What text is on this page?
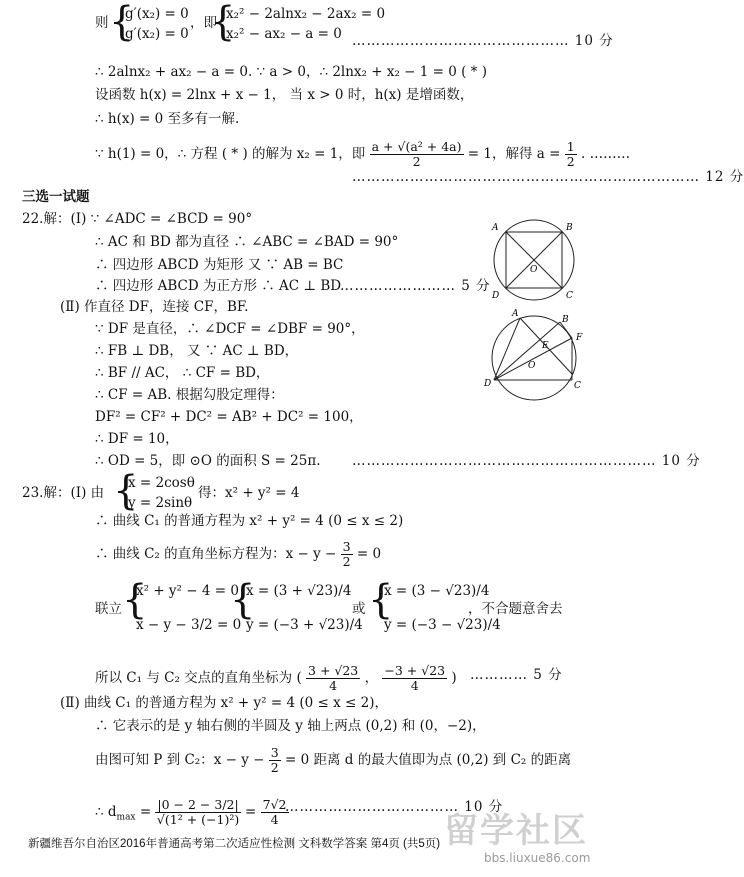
则 {
g′(x₂) = 0
g′(x₂) = 0
，即
{
x₂² − 2alnx₂ − 2ax₂ = 0
x₂² − ax₂ − a = 0 ……………………………………… 10 分
∴ 2alnx₂ + ax₂ − a = 0. ∵ a > 0，∴ 2lnx₂ + x₂ − 1 = 0 ( * )
设函数 h(x) = 2lnx + x − 1， 当 x > 0 时，h(x) 是增函数，
∴ h(x) = 0 至多有一解.
∵ h(1) = 0，∴ 方程 ( * ) 的解为 x₂ = 1，即 $\frac{\text{a + √(a² + 4a)}}{2} = 1$，解得 $a = \frac{1}{2}$ . ………
……………………………………………………………… 12 分
三选一试题
22.解：(Ⅰ) ∵ ∠ADC = ∠BCD = 90°
∴ AC 和 BD 都为直径 ∴ ∠ABC = ∠BAD = 90°
∴ 四边形 ABCD 为矩形 又 ∵ AB = BC
∴ 四边形 ABCD 为正方形 ∴ AC ⊥ BD
…………………… 5 分
(Ⅱ) 作直径 DF，连接 CF，BF.
∵ DF 是直径，∴ ∠DCF = ∠DBF = 90°，
∴ FB ⊥ DB， 又 ∵ AC ⊥ BD，
∴ BF // AC， ∴ CF = BD，
∴ CF = AB. 根据勾股定理得：
DF² = CF² + DC² = AB² + DC² = 100，
∴ DF = 10，
∴ OD = 5，即 ⊙O 的面积 S = 25π. ……………………………………………………… 10 分
A	B
C
D
O
A
B
C
D
E
F
O
23.解：(Ⅰ) 由 {
x = 2cosθ
y = 2sinθ
得：x² + y² = 4
∴ 曲线 C₁ 的普通方程为 x² + y² = 4 (0 ≤ x ≤ 2)
∴ 曲线 C₂ 的直角坐标方程为：$x - y - \frac{3}{2} = 0$
联立 {
x² + y² − 4 = 0
x − y − 3/2 = 0
{
x = (3 + √23)/4
y = (−3 + √23)/4
或 {
x = (3 − √23)/4
y = (−3 − √23)/4
，不合题意舍去
所以 C₁ 与 C₂ 交点的直角坐标为 ( $\frac{3 + √23}{4}$ ， $\frac{-3 + √23}{4}$ ) ………… 5 分
(Ⅱ) 曲线 C₁ 的普通方程为 x² + y² = 4 (0 ≤ x ≤ 2)，
∴ 它表示的是 y 轴右侧的半圆及 y 轴上两点 (0,2) 和 (0，−2)，
由图可知 P 到 C₂：$x - y - \frac{3}{2} = 0$ 距离 d 的最大值即为点 (0,2) 到 C₂ 的距离
∴ $d_{max} = \frac{|0 - 2 - 3/2|}{\text{√(1² + (−1)²)}} = \frac{7√2}{4}$
……………………………… 10 分
新疆维吾尔自治区2016年普通高考第二次适应性检测 文科数学答案 第4页 (共5页) 留学社区
bbs.liuxue86.com
